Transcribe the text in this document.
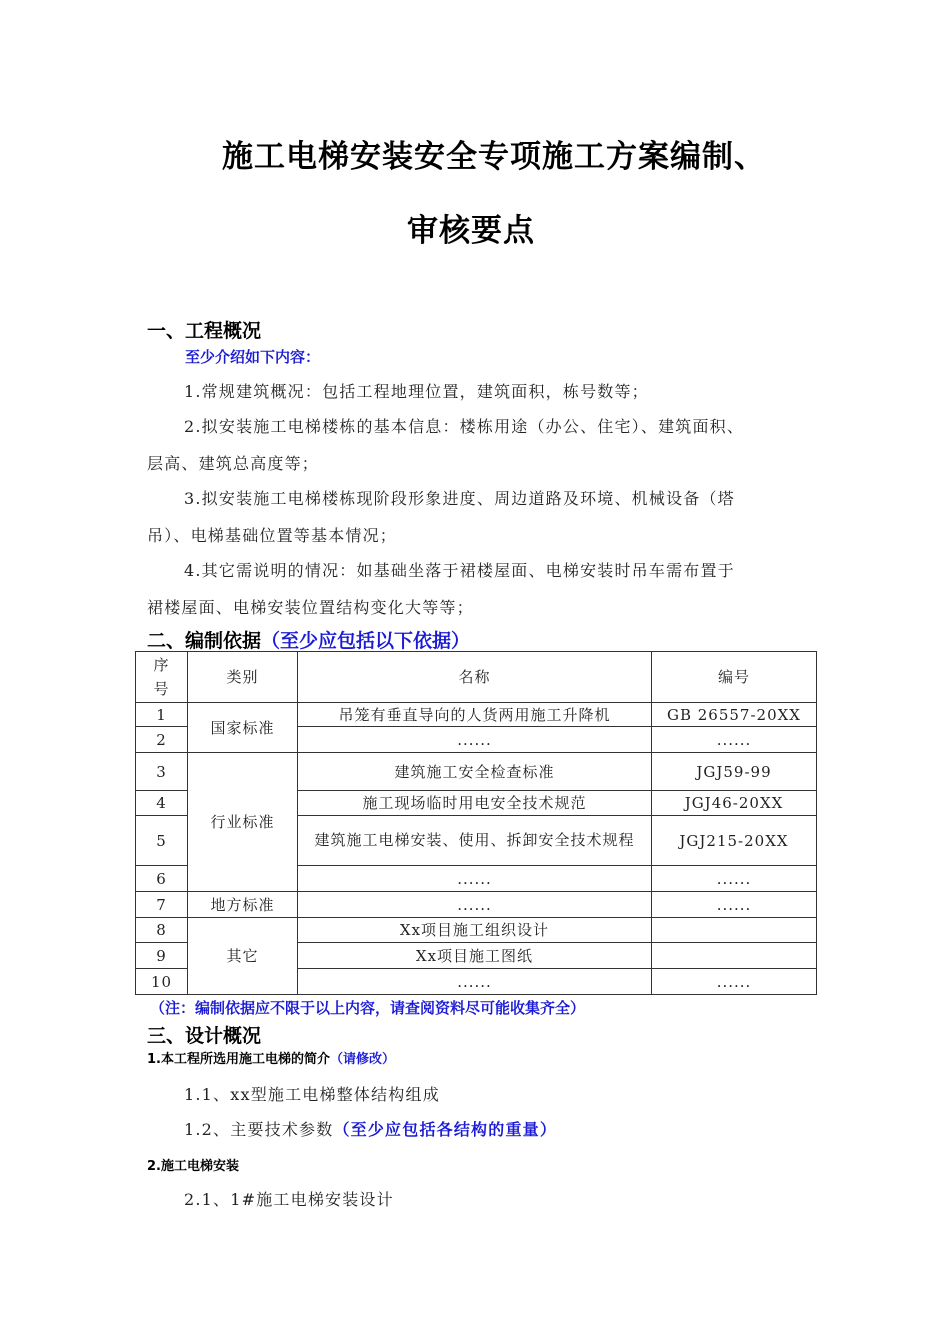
施工电梯安装安全专项施工方案编制、
审核要点
一、工程概况
至少介绍如下内容：
1.常规建筑概况：包括工程地理位置，建筑面积，栋号数等；
2.拟安装施工电梯楼栋的基本信息：楼栋用途（办公、住宅）、建筑面积、
层高、建筑总高度等；
3.拟安装施工电梯楼栋现阶段形象进度、周边道路及环境、机械设备（塔
吊）、电梯基础位置等基本情况；
4.其它需说明的情况：如基础坐落于裙楼屋面、电梯安装时吊车需布置于
裙楼屋面、电梯安装位置结构变化大等等；
二、编制依据（至少应包括以下依据）
序号	类别	名称	编号
1	国家标准	吊笼有垂直导向的人货两用施工升降机	GB 26557-20XX
2		......	......
3	行业标准	建筑施工安全检查标准	JGJ59-99
4		施工现场临时用电安全技术规范	JGJ46-20XX
5		建筑施工电梯安装、使用、拆卸安全技术规程	JGJ215-20XX
6		......	......
7	地方标准	......	......
8	其它	Xx项目施工组织设计	
9		Xx项目施工图纸	
10		......	......
（注：编制依据应不限于以上内容，请查阅资料尽可能收集齐全）
三、设计概况
1.本工程所选用施工电梯的简介（请修改）
1.1、xx型施工电梯整体结构组成
1.2、主要技术参数（至少应包括各结构的重量）
2.施工电梯安装
2.1、1#施工电梯安装设计
